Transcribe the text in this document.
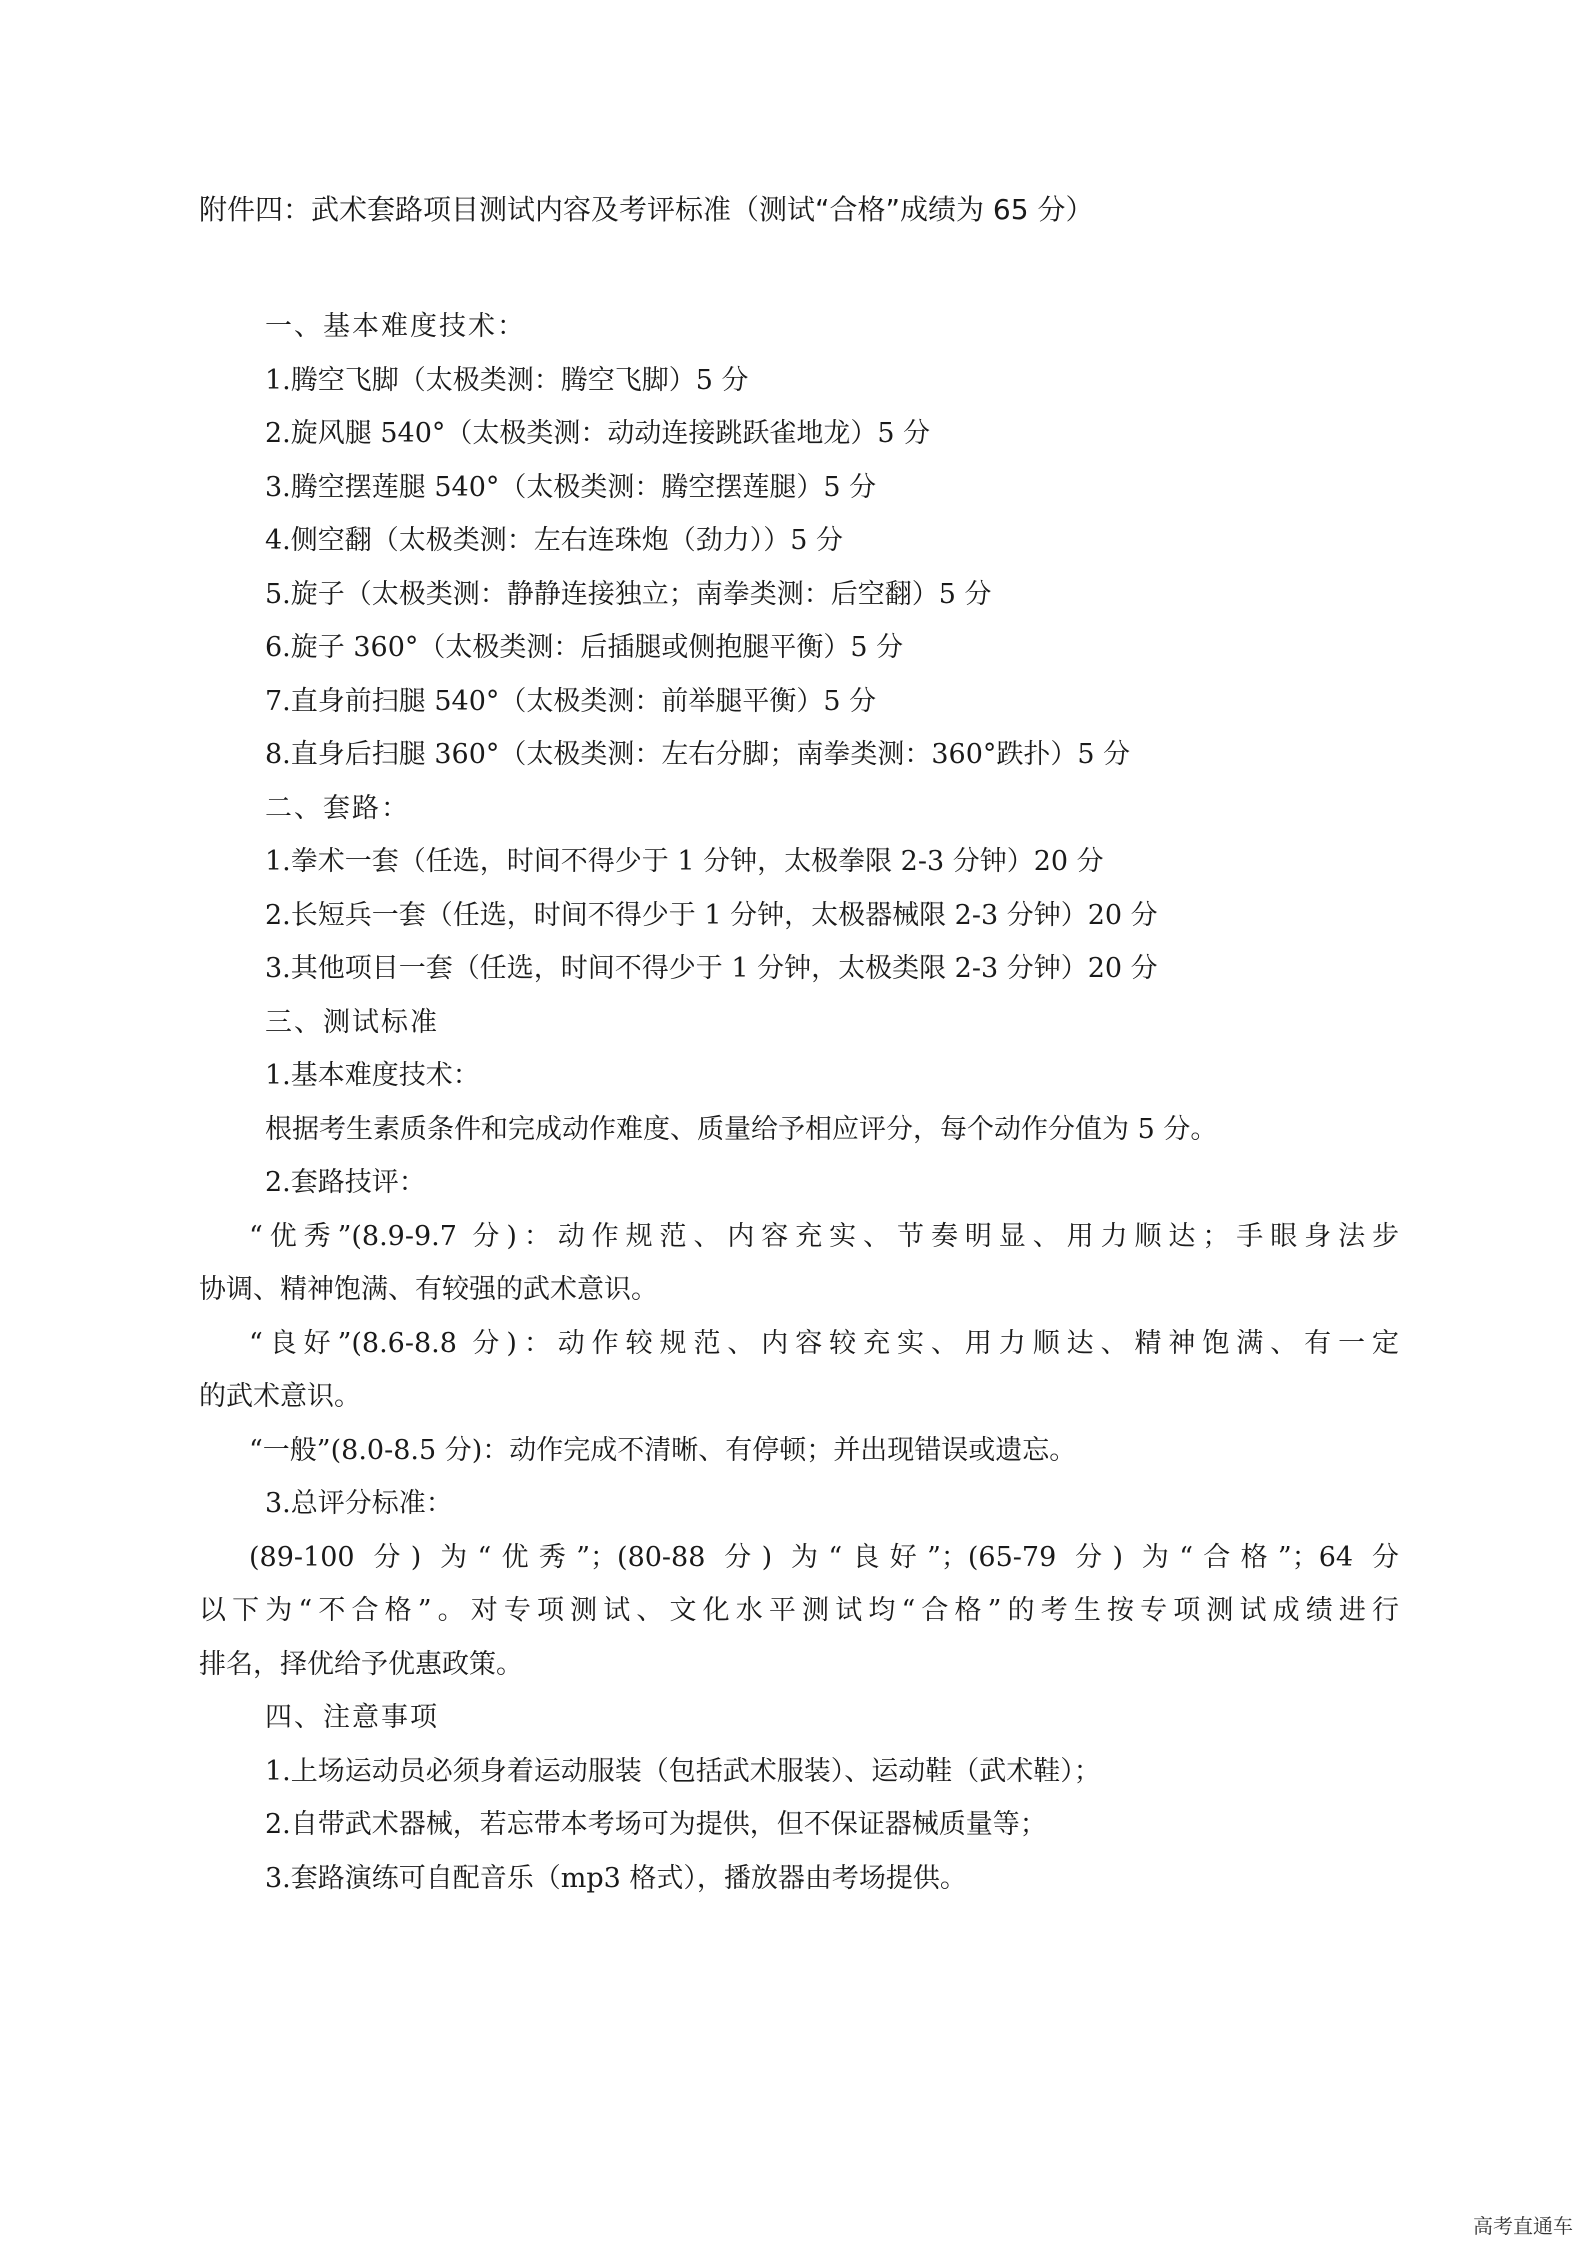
附件四：武术套路项目测试内容及考评标准（测试“合格”成绩为 65 分）
一、基本难度技术：
1.腾空飞脚（太极类测：腾空飞脚）5 分
2.旋风腿 540°（太极类测：动动连接跳跃雀地龙）5 分
3.腾空摆莲腿 540°（太极类测：腾空摆莲腿）5 分
4.侧空翻（太极类测：左右连珠炮（劲力））5 分
5.旋子（太极类测：静静连接独立；南拳类测：后空翻）5 分
6.旋子 360°（太极类测：后插腿或侧抱腿平衡）5 分
7.直身前扫腿 540°（太极类测：前举腿平衡）5 分
8.直身后扫腿 360°（太极类测：左右分脚；南拳类测：360°跌扑）5 分
二、套路：
1.拳术一套（任选，时间不得少于 1 分钟，太极拳限 2-3 分钟）20 分
2.长短兵一套（任选，时间不得少于 1 分钟，太极器械限 2-3 分钟）20 分
3.其他项目一套（任选，时间不得少于 1 分钟，太极类限 2-3 分钟）20 分
三、测试标准
1.基本难度技术：
根据考生素质条件和完成动作难度、质量给予相应评分，每个动作分值为 5 分。
2.套路技评：
“优秀”(8.9-9.7 分)：动作规范、内容充实、节奏明显、用力顺达；手眼身法步
协调、精神饱满、有较强的武术意识。
“良好”(8.6-8.8 分)：动作较规范、内容较充实、用力顺达、精神饱满、有一定
的武术意识。
“一般”(8.0-8.5 分)：动作完成不清晰、有停顿；并出现错误或遗忘。
3.总评分标准：
(89-100 分) 为“优秀”；(80-88 分) 为“良好”；(65-79 分) 为“合格”；64 分
以下为“不合格”。对专项测试、文化水平测试均“合格”的考生按专项测试成绩进行
排名，择优给予优惠政策。
四、注意事项
1.上场运动员必须身着运动服装（包括武术服装）、运动鞋（武术鞋）；
2.自带武术器械，若忘带本考场可为提供，但不保证器械质量等；
3.套路演练可自配音乐（mp3 格式），播放器由考场提供。
高考直通车
